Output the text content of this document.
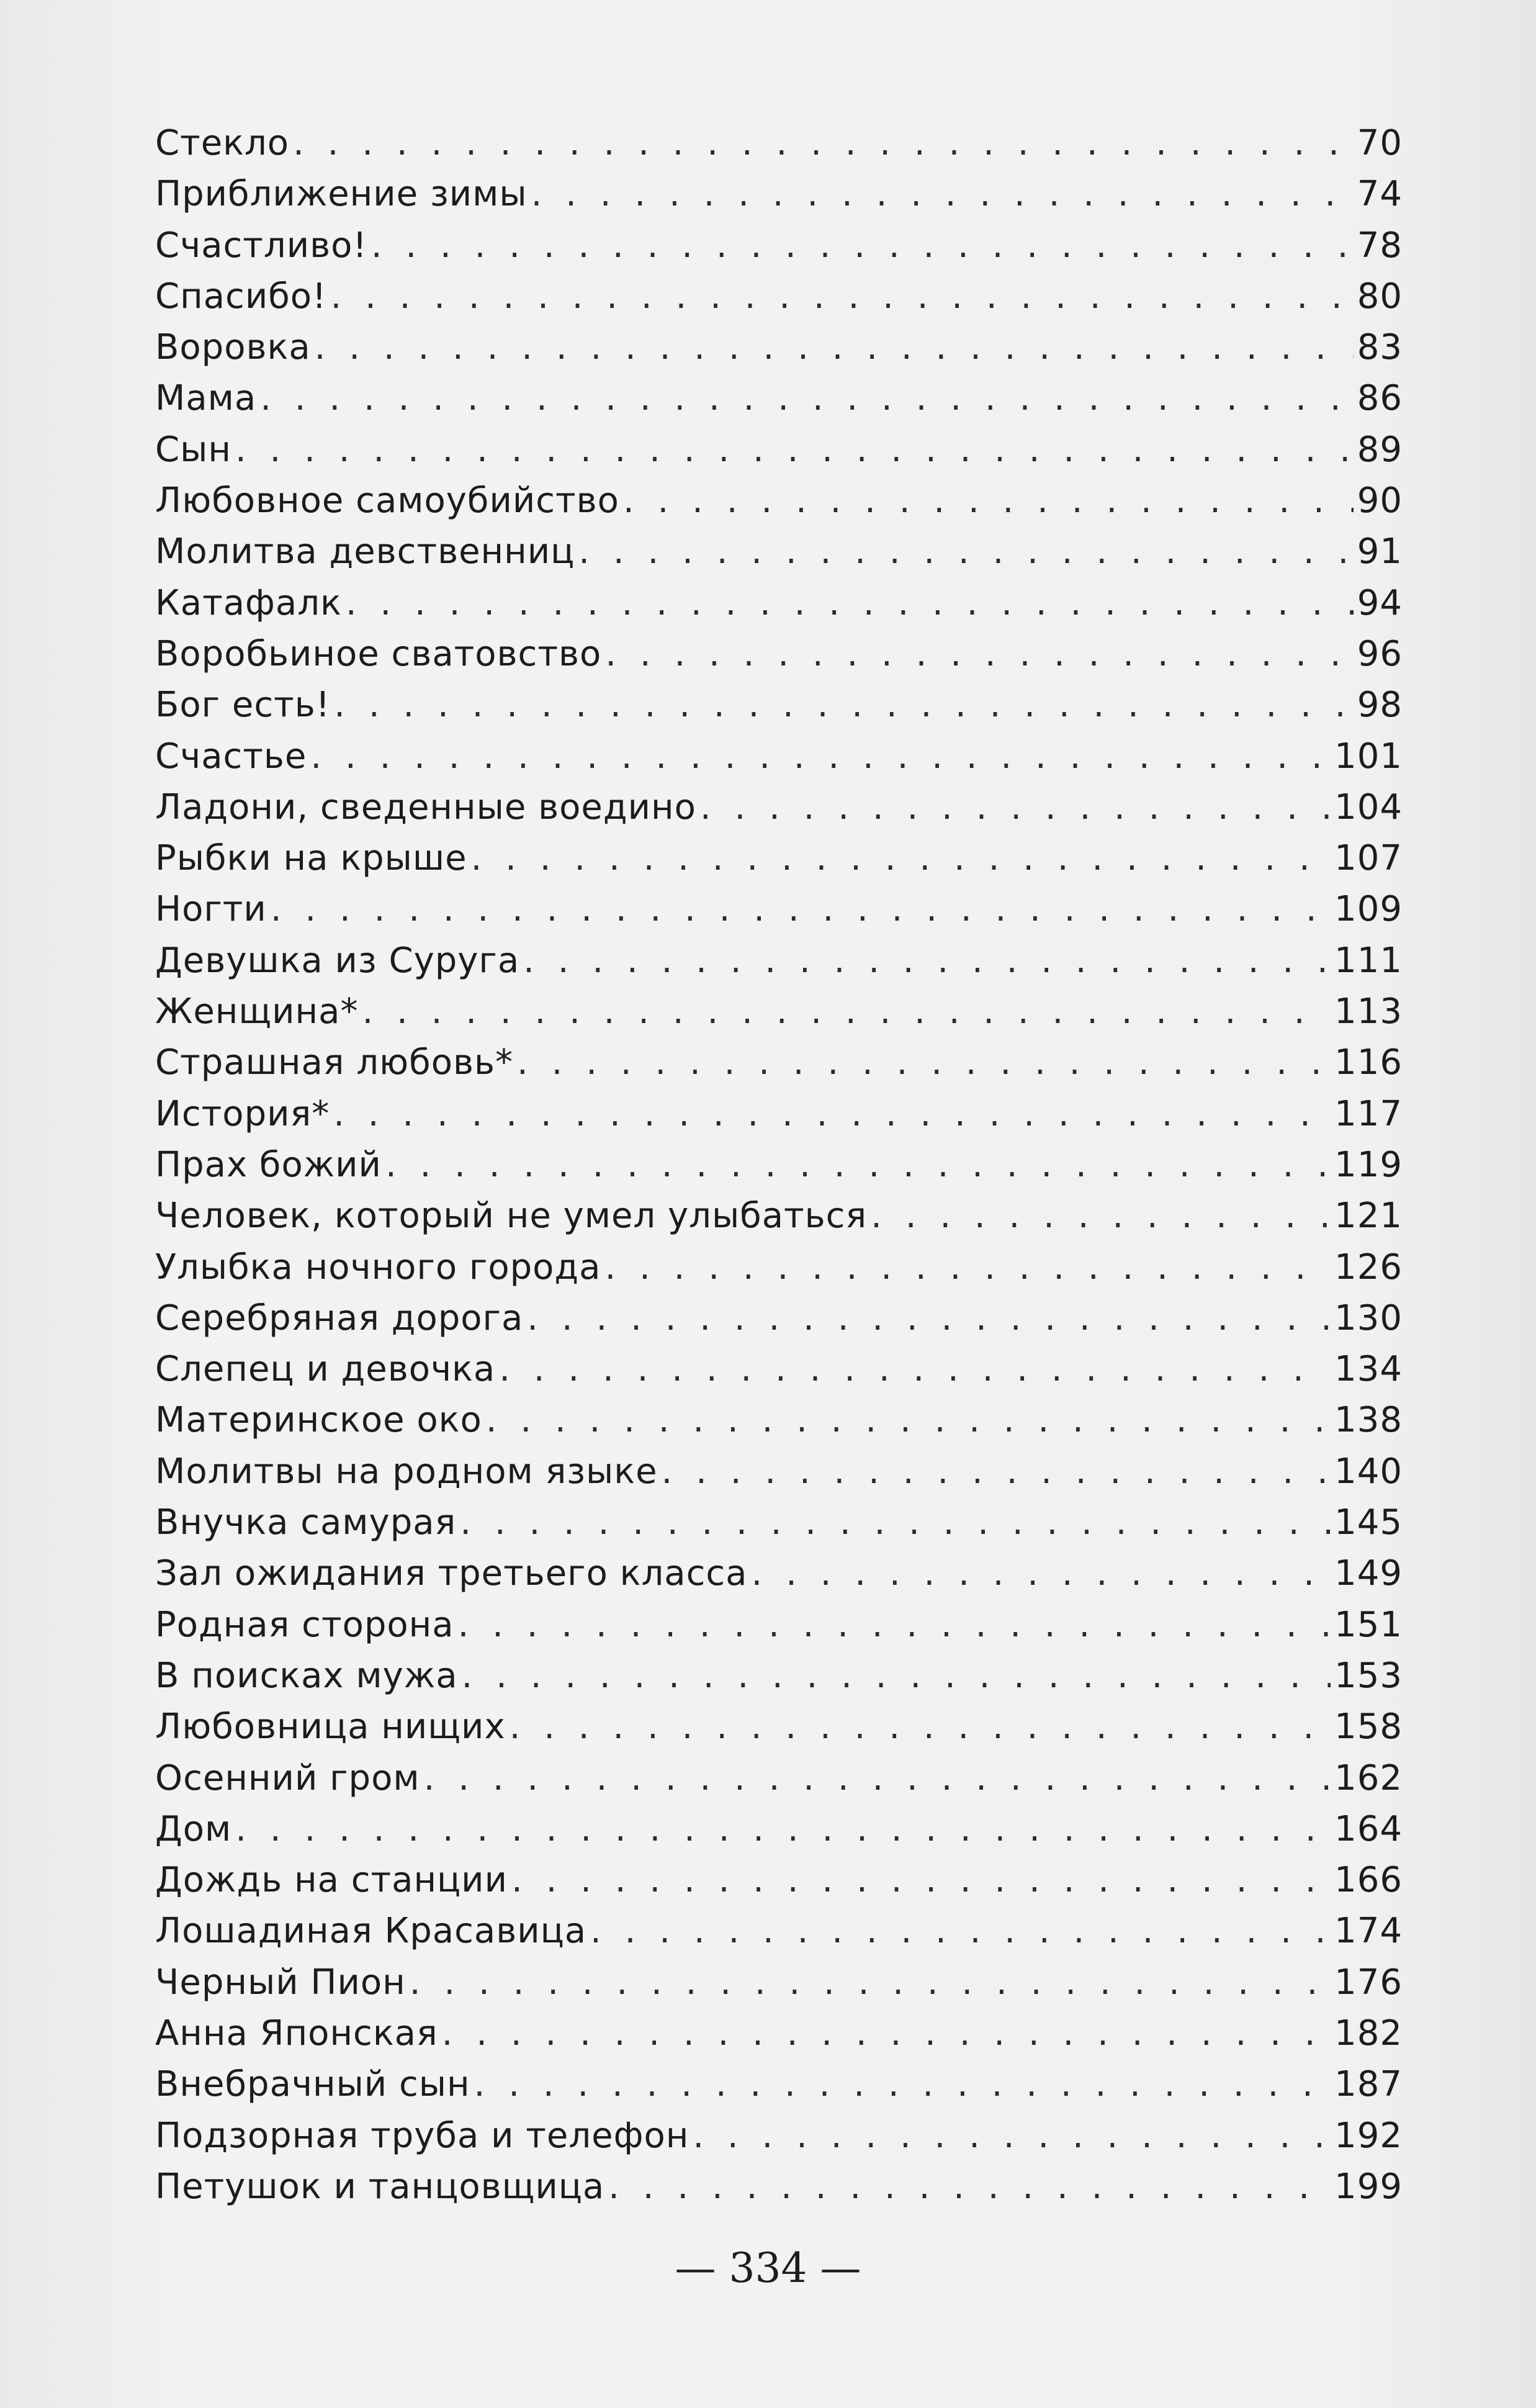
Стекло . . .	70
Приближение зимы . . .	74
Счастливо! . . .	78
Спасибо! . . .	80
Воровка . . .	83
Мама . . .	86
Сын . . .	89
Любовное самоубийство . . .	90
Молитва девственниц . . .	91
Катафалк . . .	94
Воробьиное сватовство . . .	96
Бог есть! . . .	98
Счастье . . .	101
Ладони, сведенные воедино . . .	104
Рыбки на крыше . . .	107
Ногти . . .	109
Девушка из Суруга . . .	111
Женщина* . . .	113
Страшная любовь* . . .	116
История* . . .	117
Прах божий . . .	119
Человек, который не умел улыбаться . . .	121
Улыбка ночного города . . .	126
Серебряная дорога . . .	130
Слепец и девочка . . .	134
Материнское око . . .	138
Молитвы на родном языке . . .	140
Внучка самурая . . .	145
Зал ожидания третьего класса . . .	149
Родная сторона . . .	151
В поисках мужа . . .	153
Любовница нищих . . .	158
Осенний гром . . .	162
Дом . . .	164
Дождь на станции . . .	166
Лошадиная Красавица . . .	174
Черный Пион . . .	176
Анна Японская . . .	182
Внебрачный сын . . .	187
Подзорная труба и телефон . . .	192
Петушок и танцовщица . . .	199
— 334 —
